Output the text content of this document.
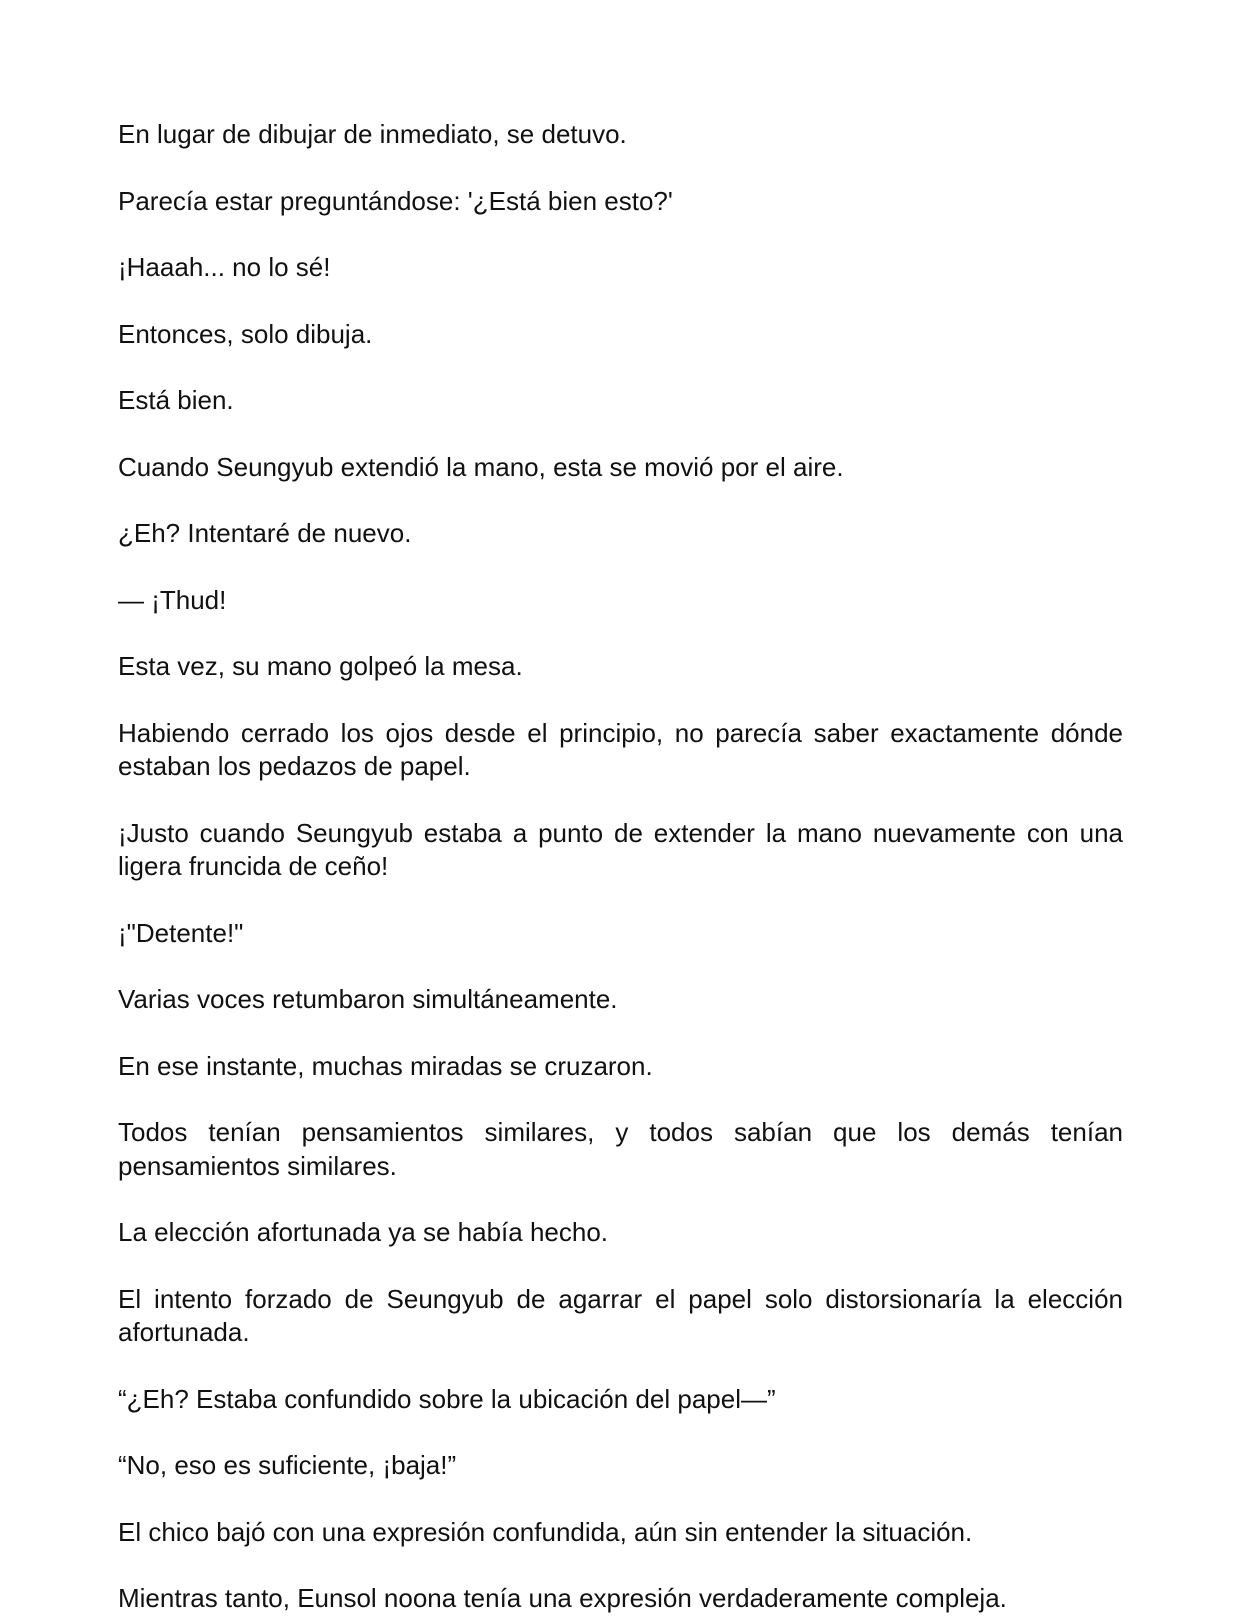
En lugar de dibujar de inmediato, se detuvo.

Parecía estar preguntándose: '¿Está bien esto?'

¡Haaah... no lo sé!

Entonces, solo dibuja.

Está bien.

Cuando Seungyub extendió la mano, esta se movió por el aire.

¿Eh? Intentaré de nuevo.

— ¡Thud!

Esta vez, su mano golpeó la mesa.

Habiendo cerrado los ojos desde el principio, no parecía saber exactamente dónde estaban los pedazos de papel.

¡Justo cuando Seungyub estaba a punto de extender la mano nuevamente con una ligera fruncida de ceño!

¡"Detente!"

Varias voces retumbaron simultáneamente.

En ese instante, muchas miradas se cruzaron.

Todos tenían pensamientos similares, y todos sabían que los demás tenían pensamientos similares.

La elección afortunada ya se había hecho.

El intento forzado de Seungyub de agarrar el papel solo distorsionaría la elección afortunada.

“¿Eh? Estaba confundido sobre la ubicación del papel—”

“No, eso es suficiente, ¡baja!”

El chico bajó con una expresión confundida, aún sin entender la situación.

Mientras tanto, Eunsol noona tenía una expresión verdaderamente compleja.
